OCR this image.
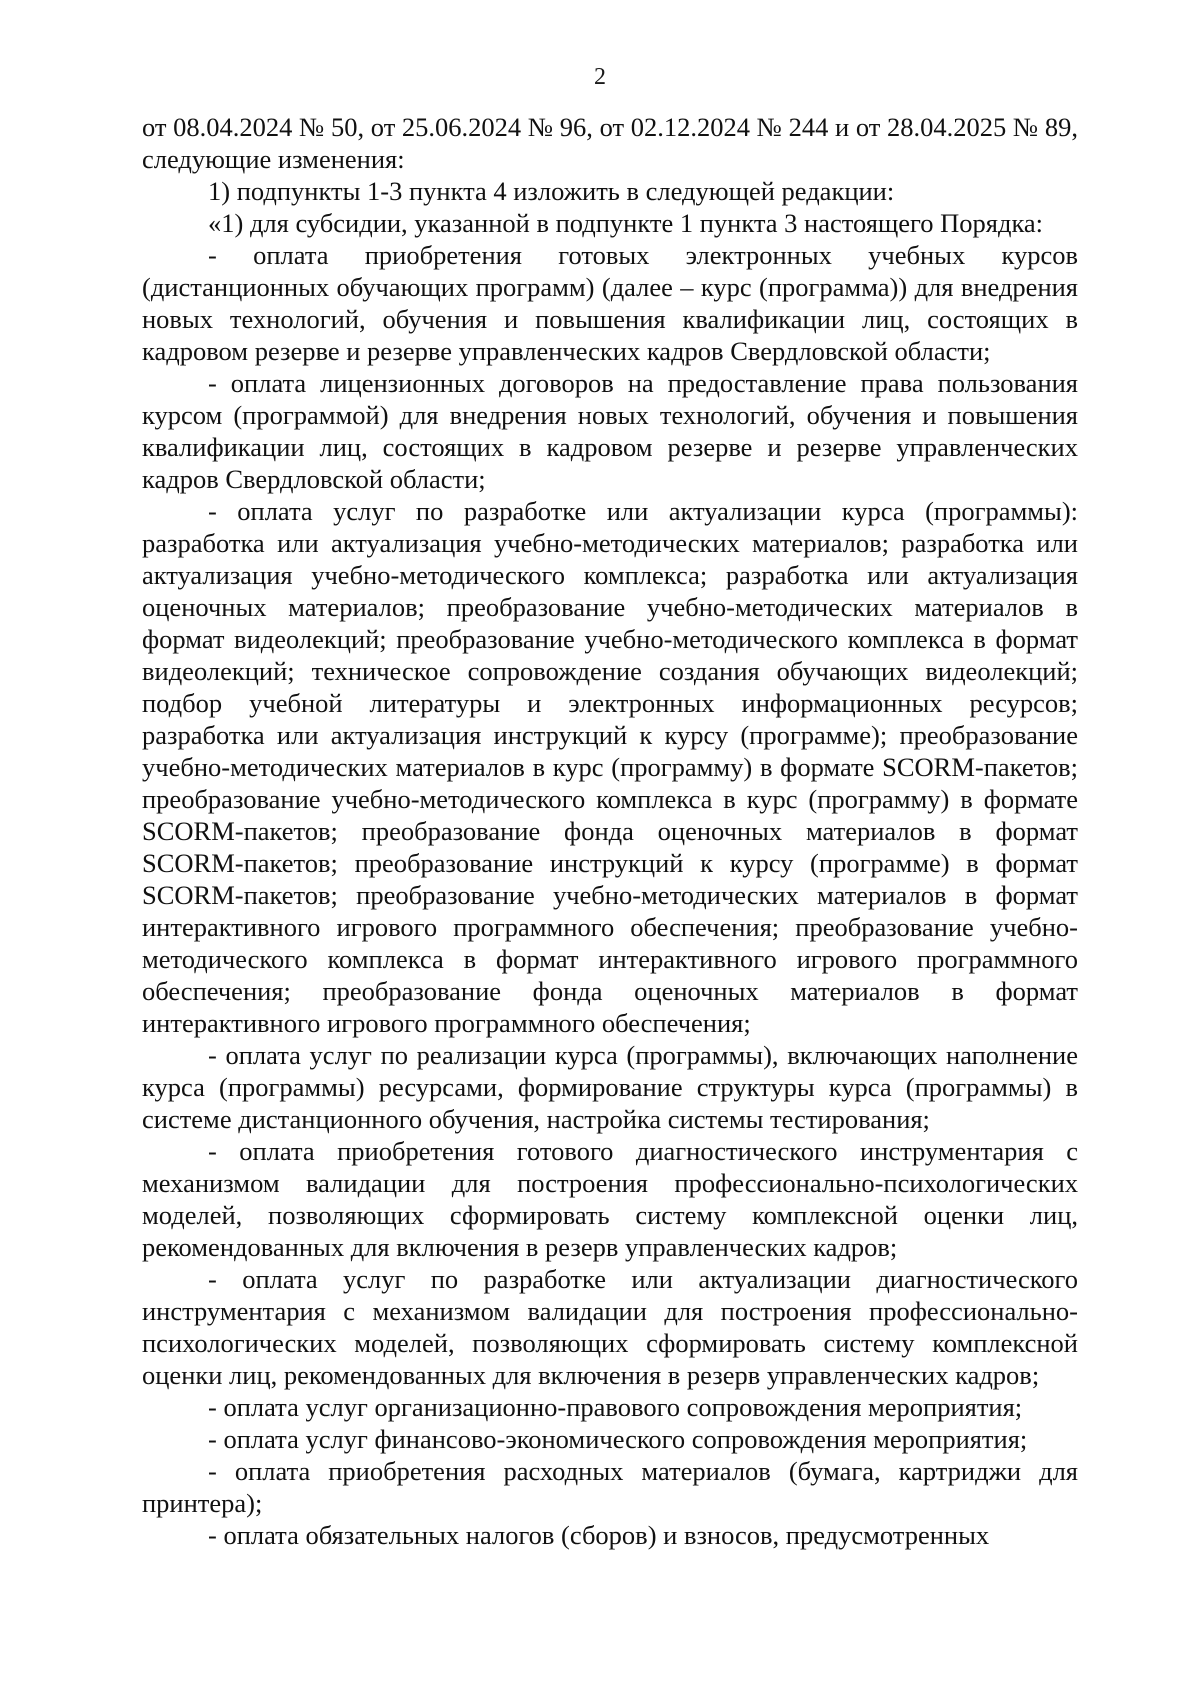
2

от 08.04.2024 № 50, от 25.06.2024 № 96, от 02.12.2024 № 244 и от 28.04.2025 № 89, следующие изменения:

1) подпункты 1-3 пункта 4 изложить в следующей редакции:

«1) для субсидии, указанной в подпункте 1 пункта 3 настоящего Порядка:

- оплата приобретения готовых электронных учебных курсов (дистанционных обучающих программ) (далее – курс (программа)) для внедрения новых технологий, обучения и повышения квалификации лиц, состоящих в кадровом резерве и резерве управленческих кадров Свердловской области;

- оплата лицензионных договоров на предоставление права пользования курсом (программой) для внедрения новых технологий, обучения и повышения квалификации лиц, состоящих в кадровом резерве и резерве управленческих кадров Свердловской области;

- оплата услуг по разработке или актуализации курса (программы): разработка или актуализация учебно-методических материалов; разработка или актуализация учебно-методического комплекса; разработка или актуализация оценочных материалов; преобразование учебно-методических материалов в формат видеолекций; преобразование учебно-методического комплекса в формат видеолекций; техническое сопровождение создания обучающих видеолекций; подбор учебной литературы и электронных информационных ресурсов; разработка или актуализация инструкций к курсу (программе); преобразование учебно-методических материалов в курс (программу) в формате SCORM-пакетов; преобразование учебно-методического комплекса в курс (программу) в формате SCORM-пакетов; преобразование фонда оценочных материалов в формат SCORM-пакетов; преобразование инструкций к курсу (программе) в формат SCORM-пакетов; преобразование учебно-методических материалов в формат интерактивного игрового программного обеспечения; преобразование учебно-методического комплекса в формат интерактивного игрового программного обеспечения; преобразование фонда оценочных материалов в формат интерактивного игрового программного обеспечения;

- оплата услуг по реализации курса (программы), включающих наполнение курса (программы) ресурсами, формирование структуры курса (программы) в системе дистанционного обучения, настройка системы тестирования;

- оплата приобретения готового диагностического инструментария с механизмом валидации для построения профессионально-психологических моделей, позволяющих сформировать систему комплексной оценки лиц, рекомендованных для включения в резерв управленческих кадров;

- оплата услуг по разработке или актуализации диагностического инструментария с механизмом валидации для построения профессионально-психологических моделей, позволяющих сформировать систему комплексной оценки лиц, рекомендованных для включения в резерв управленческих кадров;

- оплата услуг организационно-правового сопровождения мероприятия;

- оплата услуг финансово-экономического сопровождения мероприятия;

- оплата приобретения расходных материалов (бумага, картриджи для принтера);

- оплата обязательных налогов (сборов) и взносов, предусмотренных
